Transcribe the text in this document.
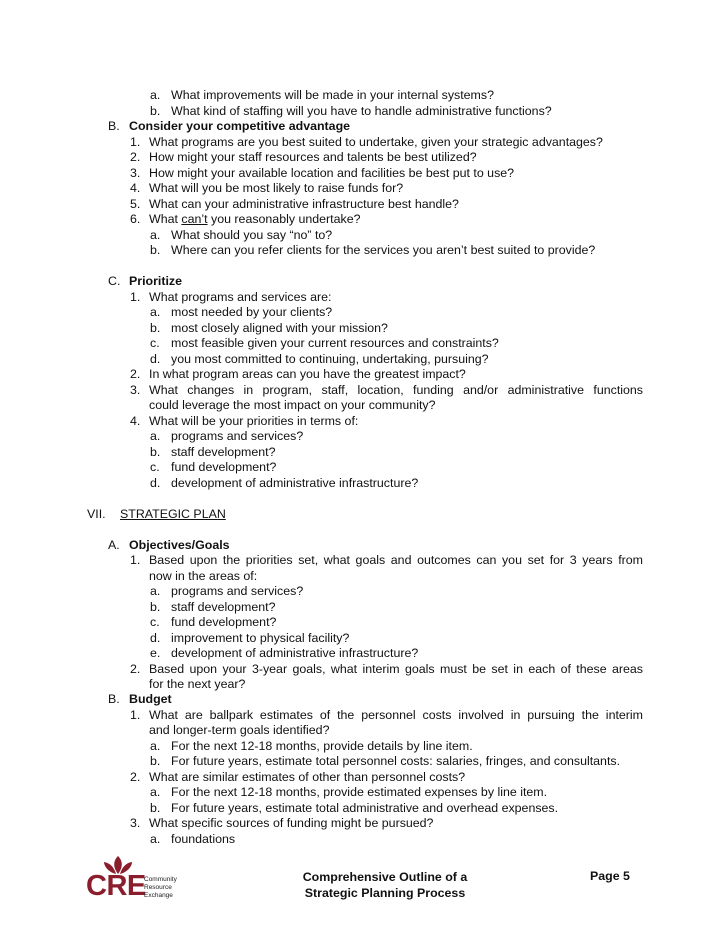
a. What improvements will be made in your internal systems?
b. What kind of staffing will you have to handle administrative functions?
B. Consider your competitive advantage
1. What programs are you best suited to undertake, given your strategic advantages?
2. How might your staff resources and talents be best utilized?
3. How might your available location and facilities be best put to use?
4. What will you be most likely to raise funds for?
5. What can your administrative infrastructure best handle?
6. What can’t you reasonably undertake?
a. What should you say “no” to?
b. Where can you refer clients for the services you aren’t best suited to provide?
C. Prioritize
1. What programs and services are:
a. most needed by your clients?
b. most closely aligned with your mission?
c. most feasible given your current resources and constraints?
d. you most committed to continuing, undertaking, pursuing?
2. In what program areas can you have the greatest impact?
3. What changes in program, staff, location, funding and/or administrative functions
could leverage the most impact on your community?
4. What will be your priorities in terms of:
a. programs and services?
b. staff development?
c. fund development?
d. development of administrative infrastructure?
VII. STRATEGIC PLAN
A. Objectives/Goals
1. Based upon the priorities set, what goals and outcomes can you set for 3 years from
now in the areas of:
a. programs and services?
b. staff development?
c. fund development?
d. improvement to physical facility?
e. development of administrative infrastructure?
2. Based upon your 3-year goals, what interim goals must be set in each of these areas
for the next year?
B. Budget
1. What are ballpark estimates of the personnel costs involved in pursuing the interim
and longer-term goals identified?
a. For the next 12-18 months, provide details by line item.
b. For future years, estimate total personnel costs: salaries, fringes, and consultants.
2. What are similar estimates of other than personnel costs?
a. For the next 12-18 months, provide estimated expenses by line item.
b. For future years, estimate total administrative and overhead expenses.
3. What specific sources of funding might be pursued?
a. foundations
CRE
Community
Resource
Exchange
Comprehensive Outline of a
Strategic Planning Process
Page 5
